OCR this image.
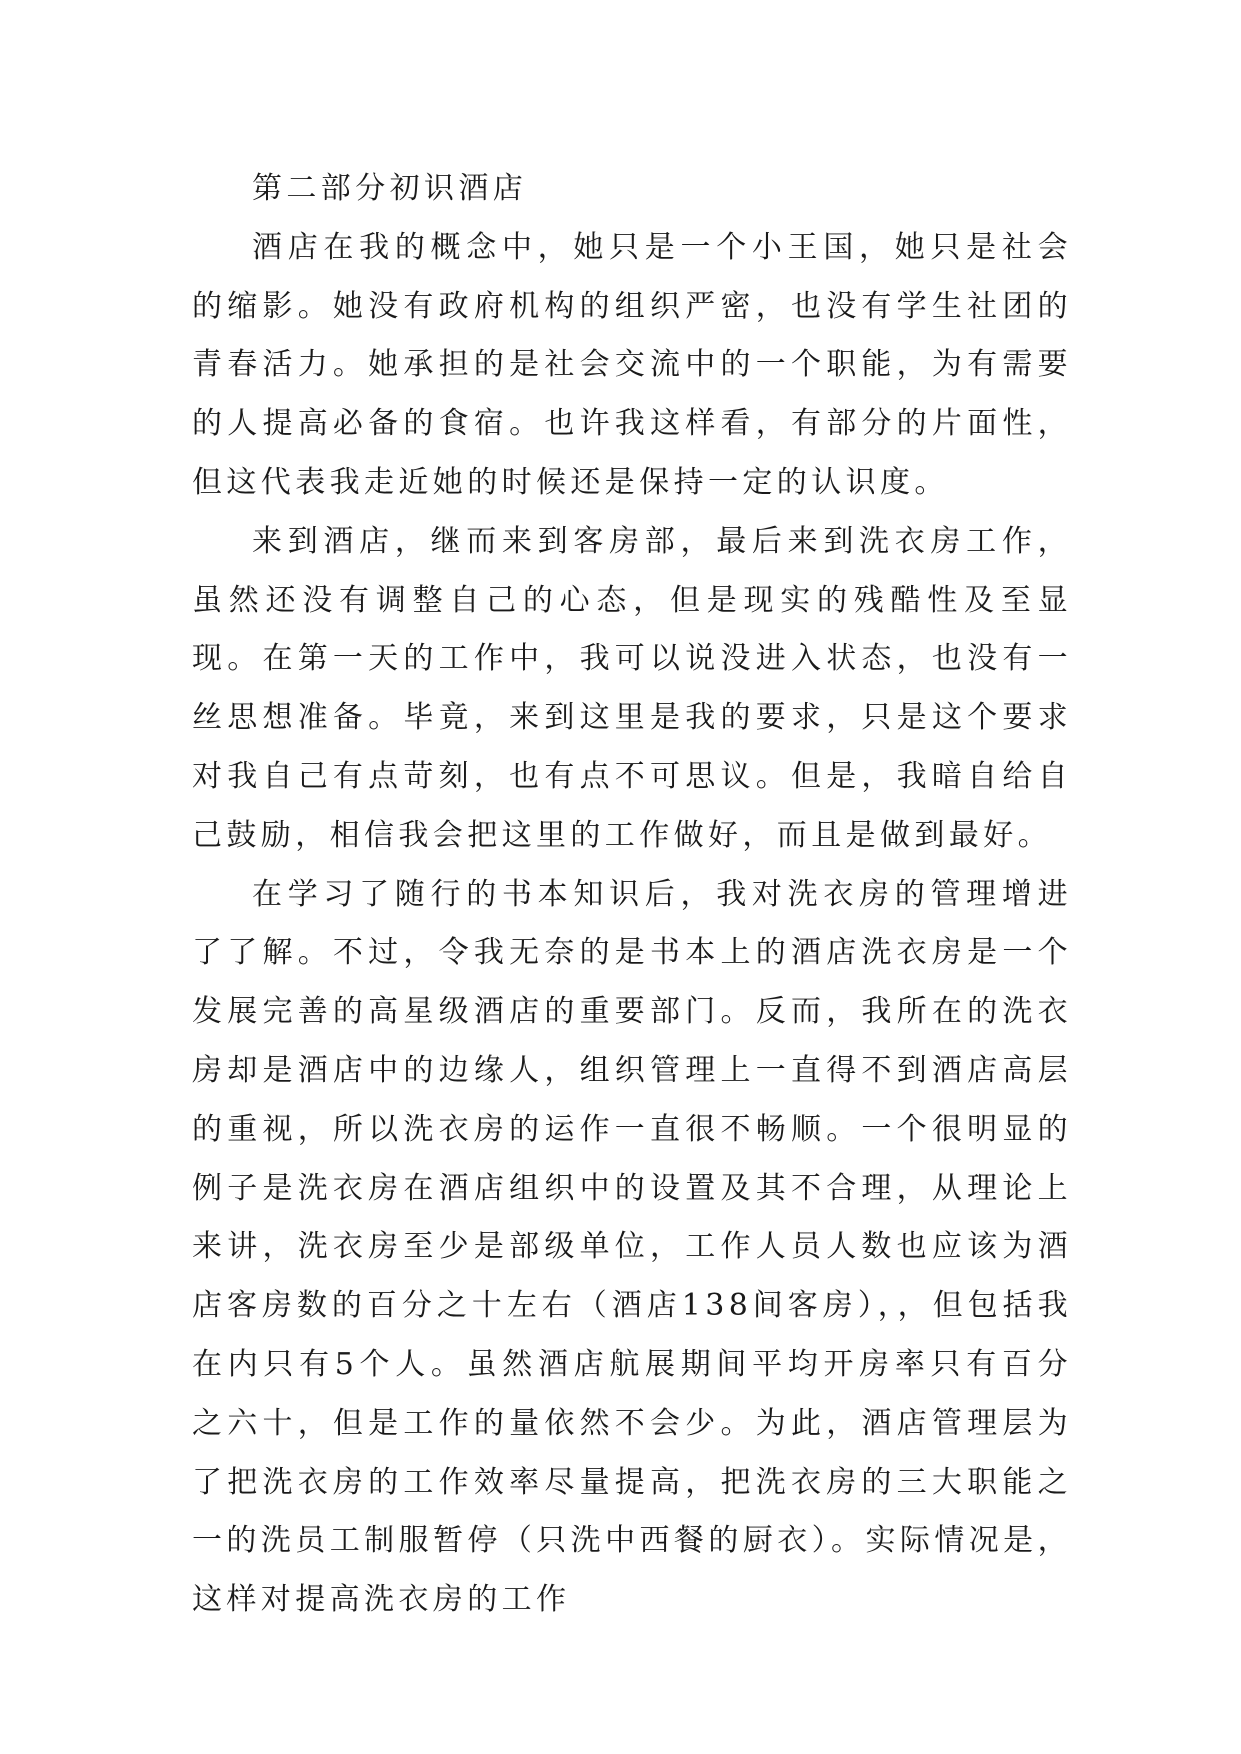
第二部分初识酒店

酒店在我的概念中，她只是一个小王国，她只是社会的缩影。她没有政府机构的组织严密，也没有学生社团的青春活力。她承担的是社会交流中的一个职能，为有需要的人提高必备的食宿。也许我这样看，有部分的片面性，但这代表我走近她的时候还是保持一定的认识度。

来到酒店，继而来到客房部，最后来到洗衣房工作，虽然还没有调整自己的心态，但是现实的残酷性及至显现。在第一天的工作中，我可以说没进入状态，也没有一丝思想准备。毕竟，来到这里是我的要求，只是这个要求对我自己有点苛刻，也有点不可思议。但是，我暗自给自己鼓励，相信我会把这里的工作做好，而且是做到最好。

在学习了随行的书本知识后，我对洗衣房的管理增进了了解。不过，令我无奈的是书本上的酒店洗衣房是一个发展完善的高星级酒店的重要部门。反而，我所在的洗衣房却是酒店中的边缘人，组织管理上一直得不到酒店高层的重视，所以洗衣房的运作一直很不畅顺。一个很明显的例子是洗衣房在酒店组织中的设置及其不合理，从理论上来讲，洗衣房至少是部级单位，工作人员人数也应该为酒店客房数的百分之十左右（酒店138间客房），，但包括我在内只有5个人。虽然酒店航展期间平均开房率只有百分之六十，但是工作的量依然不会少。为此，酒店管理层为了把洗衣房的工作效率尽量提高，把洗衣房的三大职能之一的洗员工制服暂停（只洗中西餐的厨衣）。实际情况是，这样对提高洗衣房的工作
